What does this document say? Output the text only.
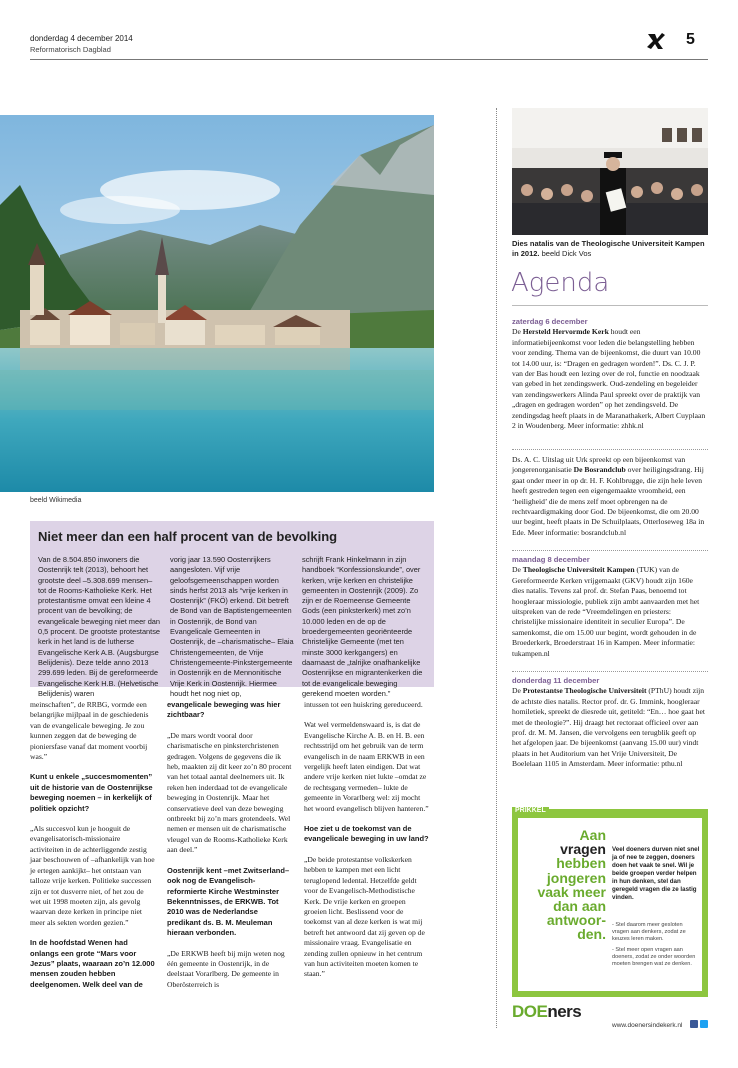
donderdag 4 december 2014
Reformatorisch Dagblad
5
beeld Wikimedia
Niet meer dan een half procent van de bevolking

Van de 8.504.850 inwoners die Oostenrijk telt (2013), behoort het grootste deel –5.308.699 mensen– tot de Rooms-Katholieke Kerk. Het protestantisme omvat een kleine 4 procent van de bevolking; de evangelicale beweging niet meer dan 0,5 procent. De grootste protestantse kerk in het land is de lutherse Evangelische Kerk A.B. (Augsburgse Belijdenis). Deze telde anno 2013 299.699 leden. Bij de gereformeerde Evangelische Kerk H.B. (Helvetische Belijdenis) waren

vorig jaar 13.590 Oostenrijkers aangesloten. Vijf vrije geloofsgemeenschappen worden sinds herfst 2013 als “vrije kerken in Oostenrijk” (FKÖ) erkend. Dit betreft de Bond van de Baptistengemeenten in Oostenrijk, de Bond van Evangelicale Gemeenten in Oostenrijk, de –charismatische– Elaia Christengemeenten, de Vrije Christengemeente-Pinkstergemeente in Oostenrijk en de Mennonitische Vrije Kerk in Oostenrijk. Hiermee houdt het nog niet op,

schrijft Frank Hinkelmann in zijn handboek “Konfessionskunde”, over kerken, vrije kerken en christelijke gemeenten in Oostenrijk (2009). Zo zijn er de Roemeense Gemeente Gods (een pinksterkerk) met zo’n 10.000 leden en de op de broedergemeenten georiënteerde Christelijke Gemeente (met ten minste 3000 kerkgangers) en daarnaast de „talrijke onafhankelijke Oostenrijkse en migrantenkerken die tot de evangelicale beweging gerekend moeten worden.”

meinschaften”, de RRBG, vormde een belangrijke mijlpaal in de geschiedenis van de evangelicale beweging. Je zou kunnen zeggen dat de beweging de pioniersfase vanaf dat moment voorbij was.”

Kunt u enkele „succesmomenten” uit de historie van de Oostenrijkse beweging noemen – in kerkelijk of politiek opzicht?

„Als succesvol kun je hooguit de evangelisatorisch-missionaire activiteiten in de achterliggende zestig jaar beschouwen of –afhankelijk van hoe je ertegen aankijkt– het ontstaan van talloze vrije kerken. Politieke successen zijn er tot dusverre niet, of het zou de wet uit 1998 moeten zijn, als gevolg waarvan deze kerken in principe niet meer als sekten worden gezien.”

In de hoofdstad Wenen had onlangs een grote “Mars voor Jezus” plaats, waaraan zo’n 12.000 mensen zouden hebben deelgenomen. Welk deel van de

evangelicale beweging was hier zichtbaar?

„De mars wordt vooral door charismatische en pinksterchristenen gedragen. Volgens de gegevens die ik heb, maakten zij dit keer zo’n 80 procent van het totaal aantal deelnemers uit. Ik reken hen inderdaad tot de evangelicale beweging in Oostenrijk. Maar het conservatieve deel van deze beweging ontbreekt bij zo’n mars grotendeels. Wel nemen er mensen uit de charismatische vleugel van de Rooms-Katholieke Kerk aan deel.”

Oostenrijk kent –met Zwitserland– ook nog de Evangelisch-reformierte Kirche Westminster Bekenntnisses, de ERKWB. Tot 2010 was de Nederlandse predikant ds. B. M. Meuleman hieraan verbonden.

„De ERKWB heeft bij mijn weten nog één gemeente in Oostenrijk, in de deelstaat Vorarlberg. De gemeente in Oberösterreich is

intussen tot een huiskring gereduceerd.

Wat wel vermeldenswaard is, is dat de Evangelische Kirche A. B. en H. B. een rechtsstrijd om het gebruik van de term evangelisch in de naam ERKWB in een vergelijk heeft laten eindigen. Dat wat andere vrije kerken niet lukte –omdat ze de rechtsgang vermeden– lukte de gemeente in Vorarlberg wel: zij mocht het woord evangelisch blijven hanteren.”

Hoe ziet u de toekomst van de evangelicale beweging in uw land?

„De beide protestantse volkskerken hebben te kampen met een licht teruglopend ledental. Hetzelfde geldt voor de Evangelisch-Methodistische Kerk. De vrije kerken en groepen groeien licht. Beslissend voor de toekomst van al deze kerken is wat mij betreft het antwoord dat zij geven op de missionaire vraag. Evangelisatie en zending zullen opnieuw in het centrum van hun activiteiten moeten komen te staan.”

Dies natalis van de Theologische Universiteit Kampen in 2012. beeld Dick Vos
Agenda
zaterdag 6 december
De Hersteld Hervormde Kerk houdt een informatiebijeenkomst voor leden die belangstelling hebben voor zending. Thema van de bijeenkomst, die duurt van 10.00 tot 14.00 uur, is: “Dragen en gedragen worden!”. Ds. C. J. P. van der Bas houdt een lezing over de rol, functie en noodzaak van gebed in het zendingswerk. Oud-zendeling en begeleider van zendingswerkers Alinda Paul spreekt over de praktijk van „dragen en gedragen worden” op het zendingsveld. De zendingsdag heeft plaats in de Maranathakerk, Albert Cuyplaan 2 in Woudenberg. Meer informatie: zhhk.nl
Ds. A. C. Uitslag uit Urk spreekt op een bijeenkomst van jongerenorganisatie De Bosrandclub over heiligingsdrang. Hij gaat onder meer in op dr. H. F. Kohlbrugge, die zijn hele leven heeft gestreden tegen een eigengemaakte vroomheid, een ‘heiligheid’ die de mens zelf moet opbrengen na de rechtvaardigmaking door God. De bijeenkomst, die om 20.00 uur begint, heeft plaats in De Schuilplaats, Otterloseweg 18a in Ede. Meer informatie: bosrandclub.nl
maandag 8 december
De Theologische Universiteit Kampen (TUK) van de Gereformeerde Kerken vrijgemaakt (GKV) houdt zijn 160e dies natalis. Tevens zal prof. dr. Stefan Paas, benoemd tot hoogleraar missiologie, publiek zijn ambt aanvaarden met het uitspreken van de rede “Vreemdelingen en priesters: christelijke missionaire identiteit in seculier Europa”. De samenkomst, die om 15.00 uur begint, wordt gehouden in de Broederkerk, Broederstraat 16 in Kampen. Meer informatie: tukampen.nl
donderdag 11 december
De Protestantse Theologische Universiteit (PThU) houdt zijn de achtste dies natalis. Rector prof. dr. G. Immink, hoogleraar homiletiek, spreekt de diesrede uit, getiteld: “En… hoe gaat het met de theologie?”. Hij draagt het rectoraat officieel over aan prof. dr. M. M. Jansen, die vervolgens een terugblik geeft op het afgelopen jaar. De bijeenkomst (aanvang 15.00 uur) vindt plaats in het Auditorium van het Vrije Universiteit, De Boelelaan 1105 in Amsterdam. Meer informatie: pthu.nl
PRIKKEL
Aan
vragen
hebben
jongeren
vaak meer
dan aan
antwoor-
den.
Veel doeners durven niet snel ja of nee te zeggen, doeners doen het vaak te snel. Wil je beide groepen verder helpen in hun denken, stel dan geregeld vragen die ze lastig vinden.
- Stel daarom meer gesloten vragen aan denkers, zodat ze keuzes leren maken.
- Stel meer open vragen aan doeners, zodat ze onder woorden moeten brengen wat ze denken.
DOEners
www.doenersindekerk.nl
